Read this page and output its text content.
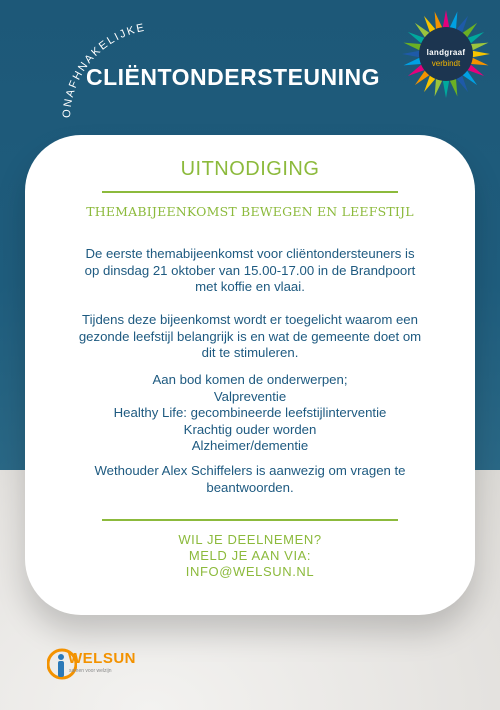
ONAFHNAKELIJKE
CLIËNTONDERSTEUNING
landgraaf
verbindt
UITNODIGING
THEMABIJEENKOMST BEWEGEN EN LEEFSTIJL
De eerste themabijeenkomst voor cliëntondersteuners is
op dinsdag 21 oktober van 15.00-17.00 in de Brandpoort
met koffie en vlaai.
Tijdens deze bijeenkomst wordt er toegelicht waarom een
gezonde leefstijl belangrijk is en wat de gemeente doet om
dit te stimuleren.
Aan bod komen de onderwerpen;
Valpreventie
Healthy Life: gecombineerde leefstijlinterventie
Krachtig ouder worden
Alzheimer/dementie
Wethouder Alex Schiffelers is aanwezig om vragen te
beantwoorden.
WIL JE DEELNEMEN?
MELD JE AAN VIA:
INFO@WELSUN.NL
WELSUN
samen voor welzijn
